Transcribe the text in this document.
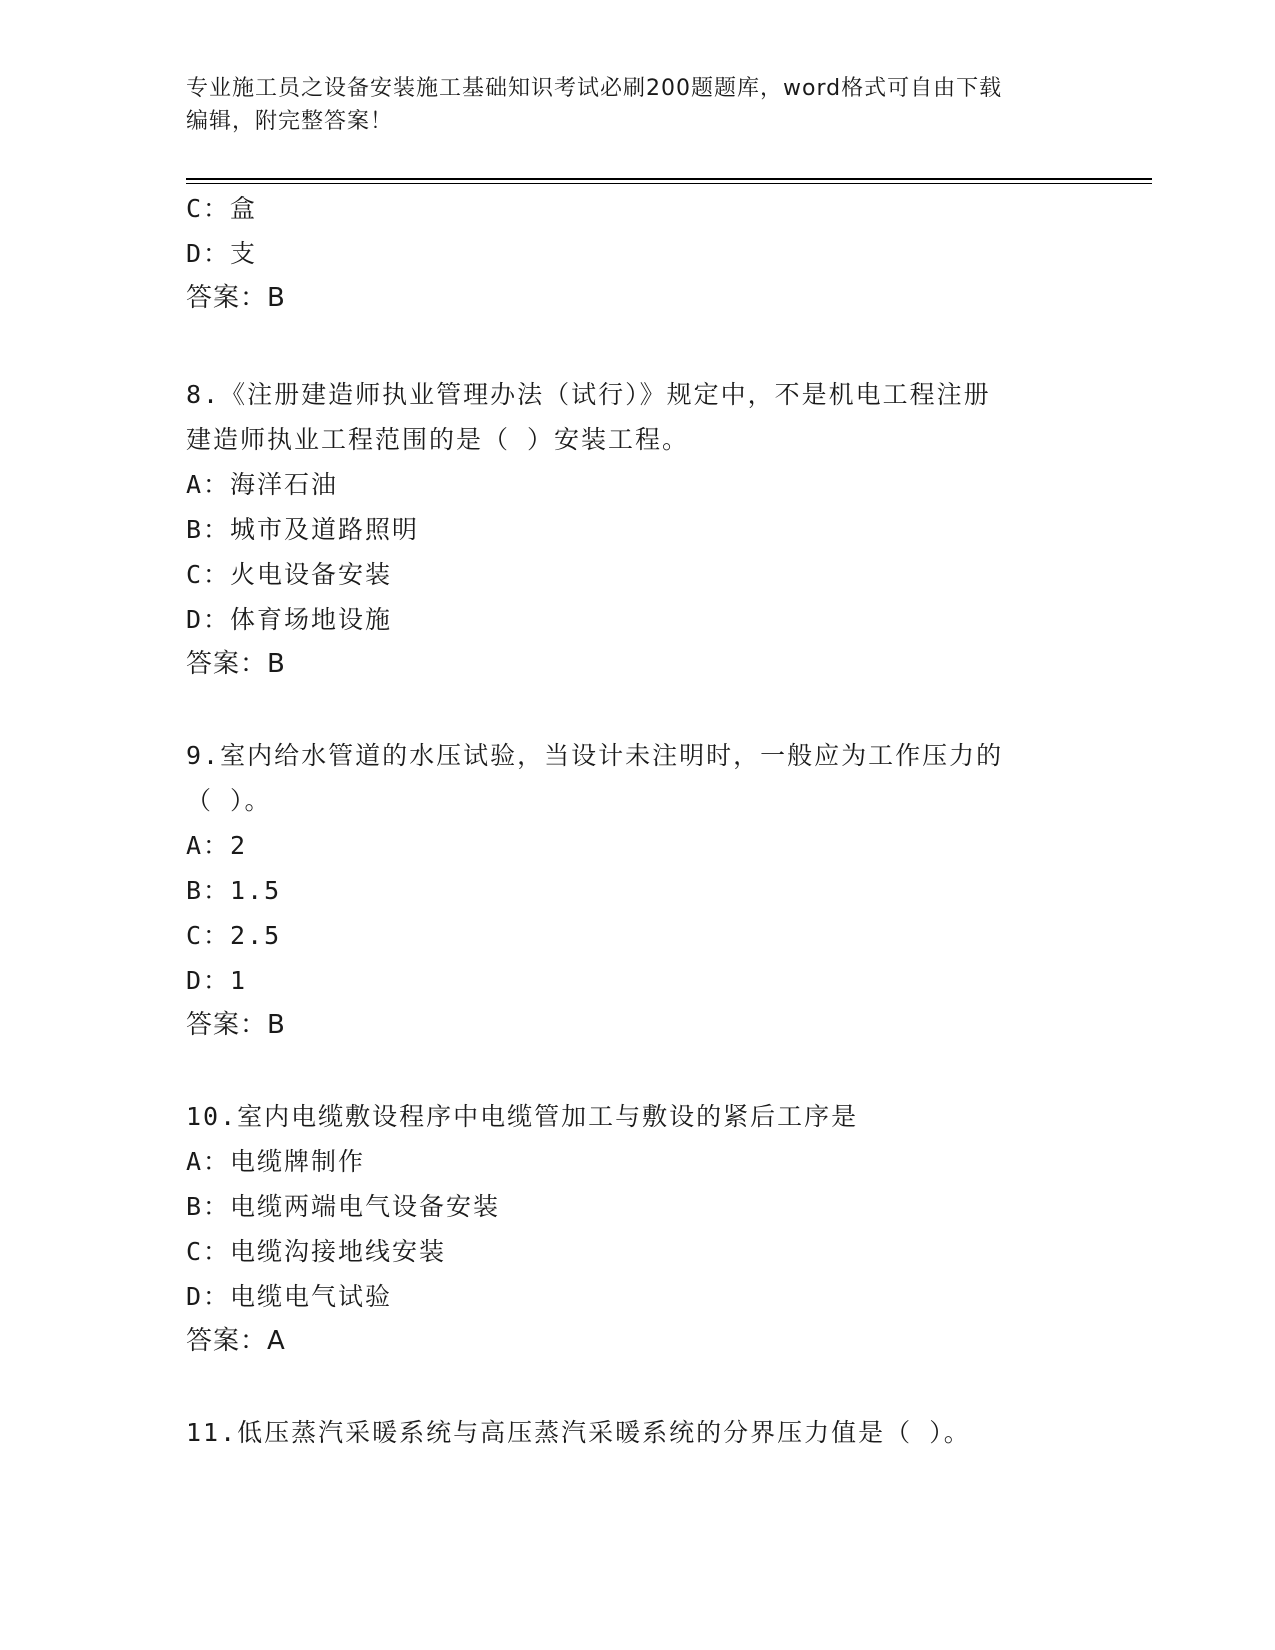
专业施工员之设备安装施工基础知识考试必刷200题题库，word格式可自由下载
编辑，附完整答案！
C：盒
D：支
答案：B
8.《注册建造师执业管理办法（试行）》规定中，不是机电工程注册
建造师执业工程范围的是（ ）安装工程。
A：海洋石油
B：城市及道路照明
C：火电设备安装
D：体育场地设施
答案：B
9.室内给水管道的水压试验，当设计未注明时，一般应为工作压力的
（ ）。
A：2
B：1.5
C：2.5
D：1
答案：B
10.室内电缆敷设程序中电缆管加工与敷设的紧后工序是
A：电缆牌制作
B：电缆两端电气设备安装
C：电缆沟接地线安装
D：电缆电气试验
答案：A
11.低压蒸汽采暖系统与高压蒸汽采暖系统的分界压力值是（ ）。
